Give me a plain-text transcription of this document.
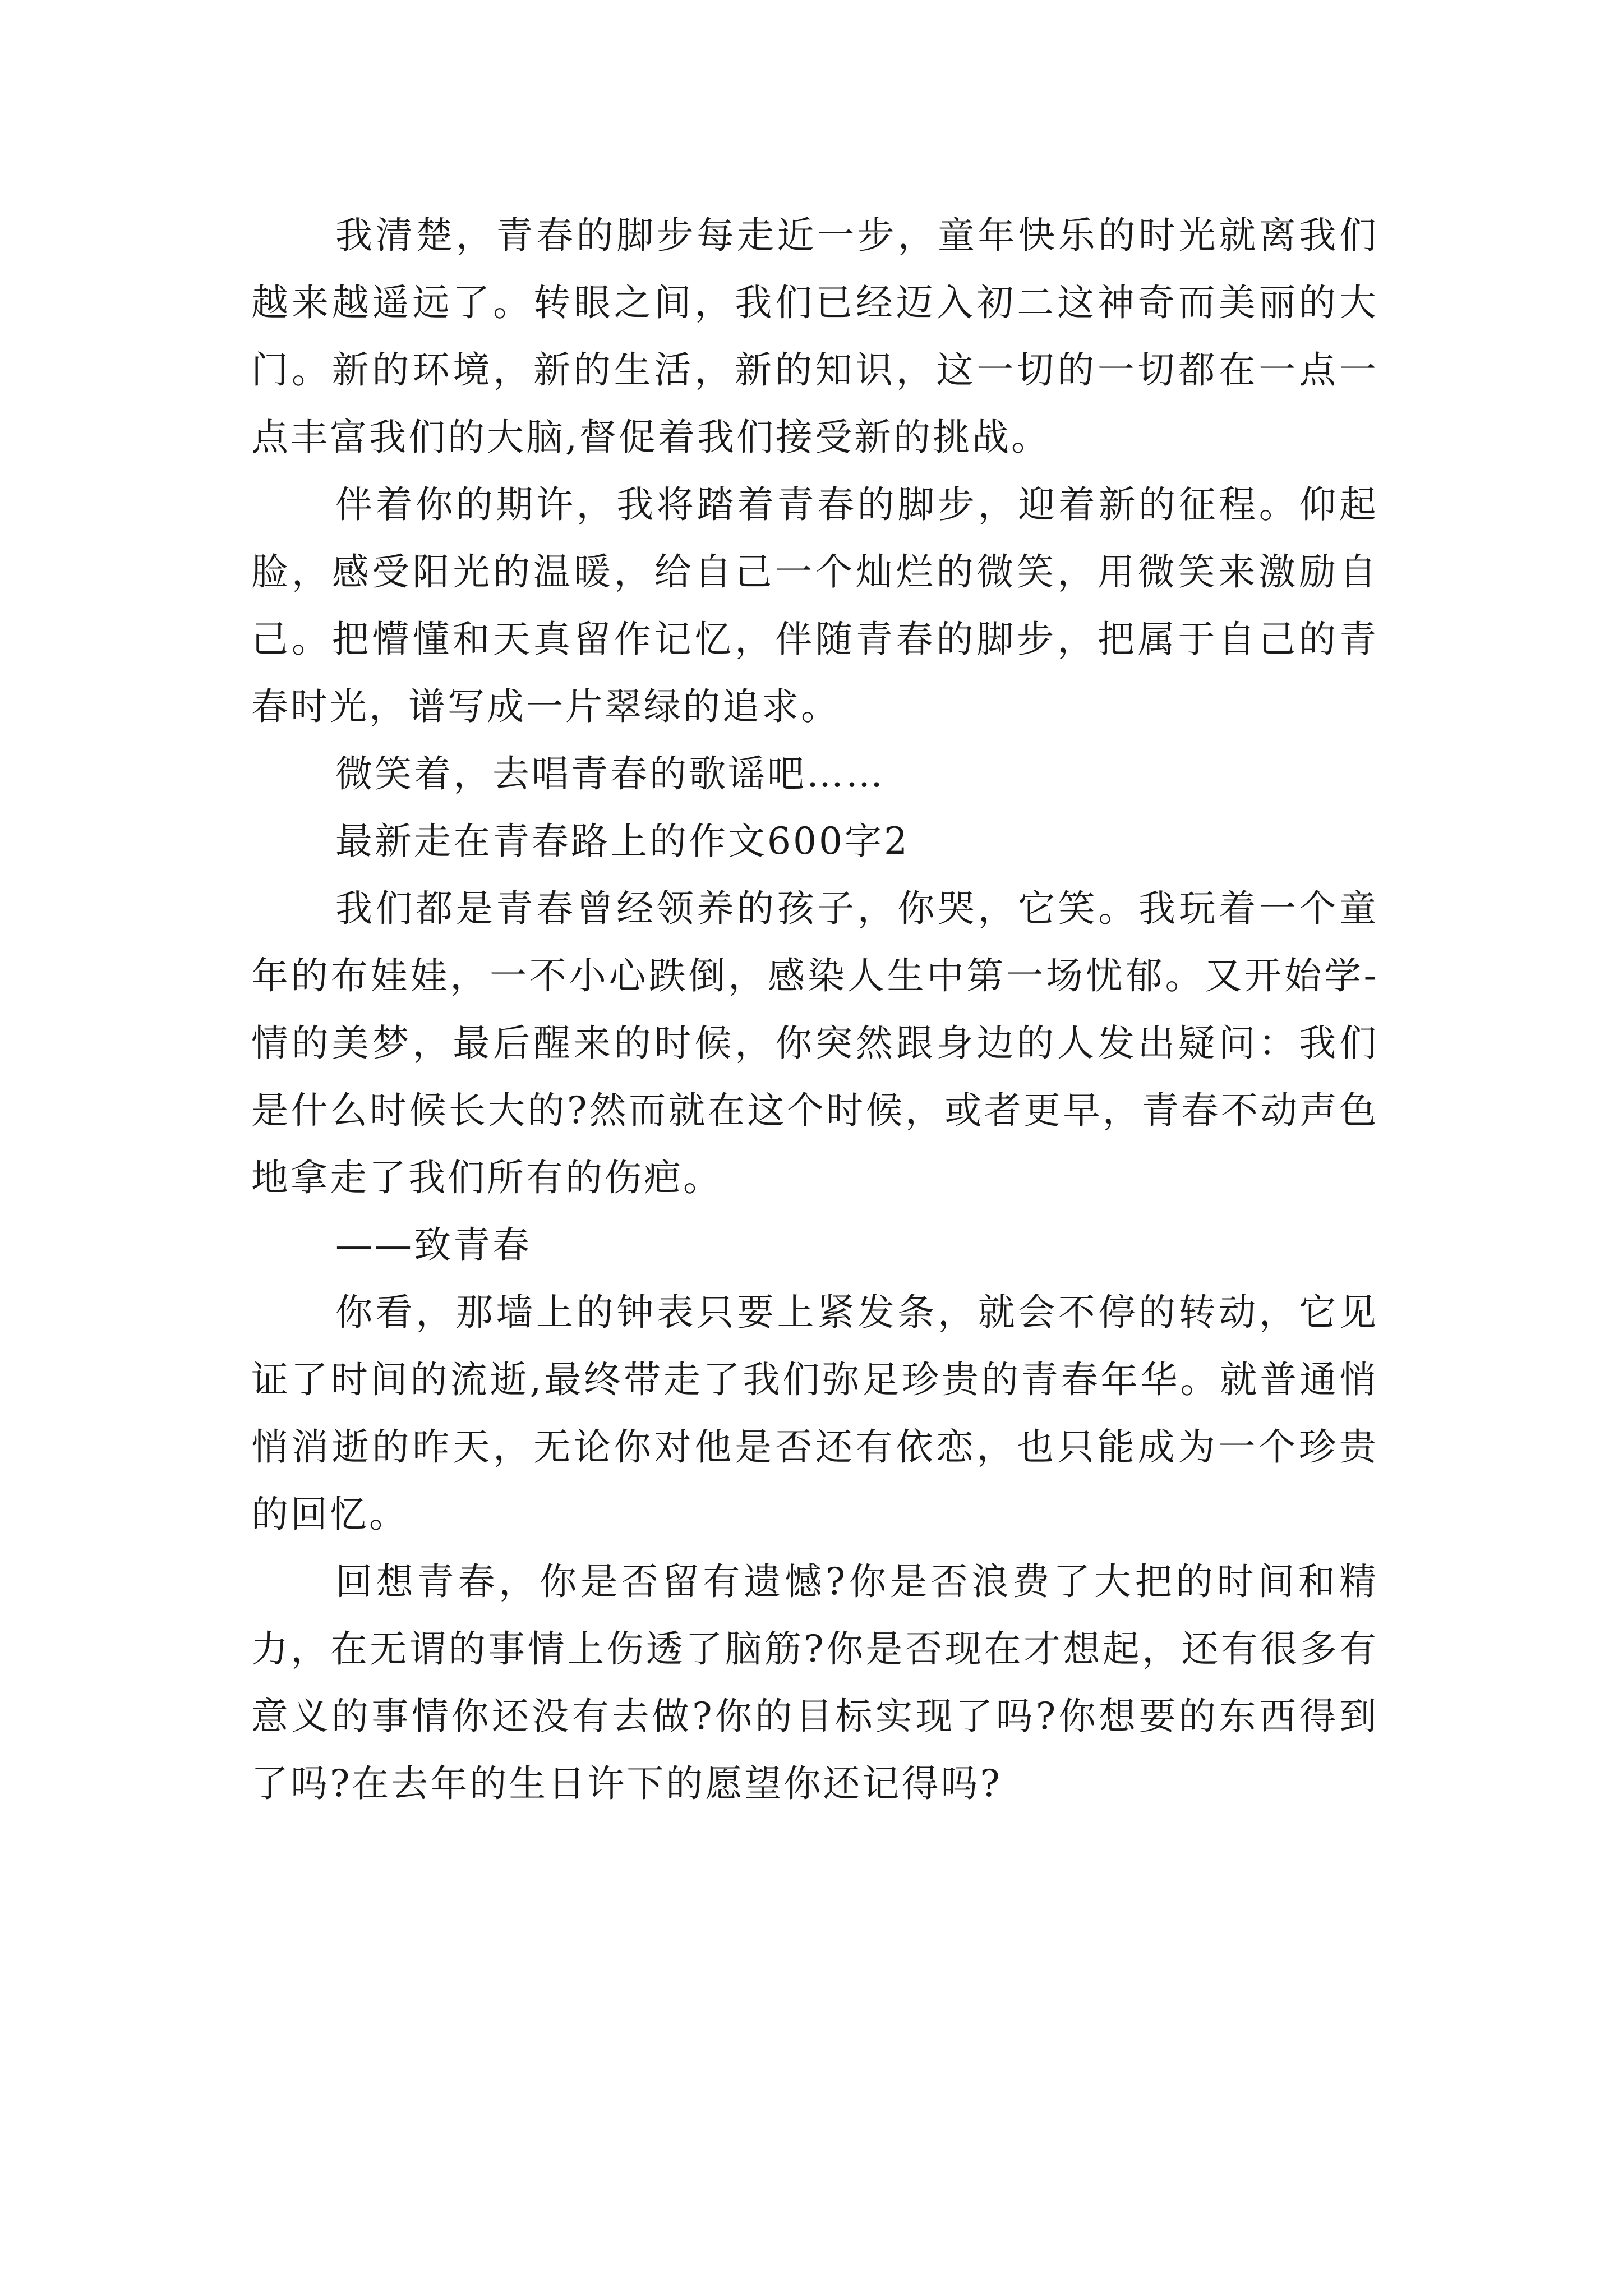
我清楚，青春的脚步每走近一步，童年快乐的时光就离我们越来越遥远了。转眼之间，我们已经迈入初二这神奇而美丽的大门。新的环境，新的生活，新的知识，这一切的一切都在一点一点丰富我们的大脑,督促着我们接受新的挑战。

伴着你的期许，我将踏着青春的脚步，迎着新的征程。仰起脸，感受阳光的温暖，给自己一个灿烂的微笑，用微笑来激励自己。把懵懂和天真留作记忆，伴随青春的脚步，把属于自己的青春时光，谱写成一片翠绿的追求。

微笑着，去唱青春的歌谣吧……

最新走在青春路上的作文600字2

我们都是青春曾经领养的孩子，你哭，它笑。我玩着一个童年的布娃娃，一不小心跌倒，感染人生中第一场忧郁。又开始学-情的美梦，最后醒来的时候，你突然跟身边的人发出疑问：我们是什么时候长大的?然而就在这个时候，或者更早，青春不动声色地拿走了我们所有的伤疤。

——致青春

你看，那墙上的钟表只要上紧发条，就会不停的转动，它见证了时间的流逝,最终带走了我们弥足珍贵的青春年华。就普通悄悄消逝的昨天，无论你对他是否还有依恋，也只能成为一个珍贵的回忆。

回想青春，你是否留有遗憾?你是否浪费了大把的时间和精力，在无谓的事情上伤透了脑筋?你是否现在才想起，还有很多有意义的事情你还没有去做?你的目标实现了吗?你想要的东西得到了吗?在去年的生日许下的愿望你还记得吗?
